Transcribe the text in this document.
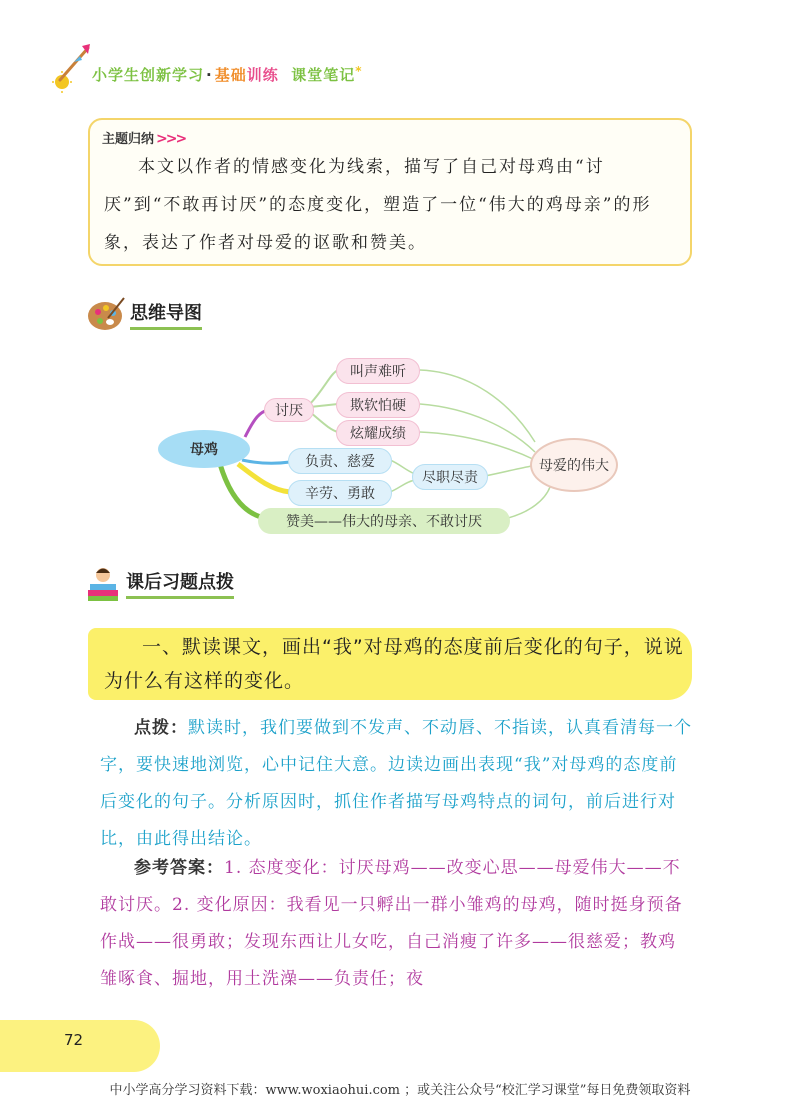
小学生创新学习 · 基础训练 课堂笔记*
主题归纳 >>>
本文以作者的情感变化为线索，描写了自己对母鸡由“讨厌”到“不敢再讨厌”的态度变化，塑造了一位“伟大的鸡母亲”的形象，表达了作者对母爱的讴歌和赞美。
思维导图
母鸡
讨厌
叫声难听
欺软怕硬
炫耀成绩
负责、慈爱
辛劳、勇敢
尽职尽责
母爱的伟大
赞美——伟大的母亲、不敢讨厌
课后习题点拨
一、默读课文，画出“我”对母鸡的态度前后变化的句子，说说为什么有这样的变化。
点拨：默读时，我们要做到不发声、不动唇、不指读，认真看清每一个字，要快速地浏览，心中记住大意。边读边画出表现“我”对母鸡的态度前后变化的句子。分析原因时，抓住作者描写母鸡特点的词句，前后进行对比，由此得出结论。
参考答案：1. 态度变化：讨厌母鸡——改变心思——母爱伟大——不敢讨厌。2. 变化原因：我看见一只孵出一群小雏鸡的母鸡，随时挺身预备作战——很勇敢；发现东西让儿女吃，自己消瘦了许多——很慈爱；教鸡雏啄食、掘地，用土洗澡——负责任；夜
72
中小学高分学习资料下载：www.woxiaohui.com ；或关注公众号“校汇学习课堂”每日免费领取资料
